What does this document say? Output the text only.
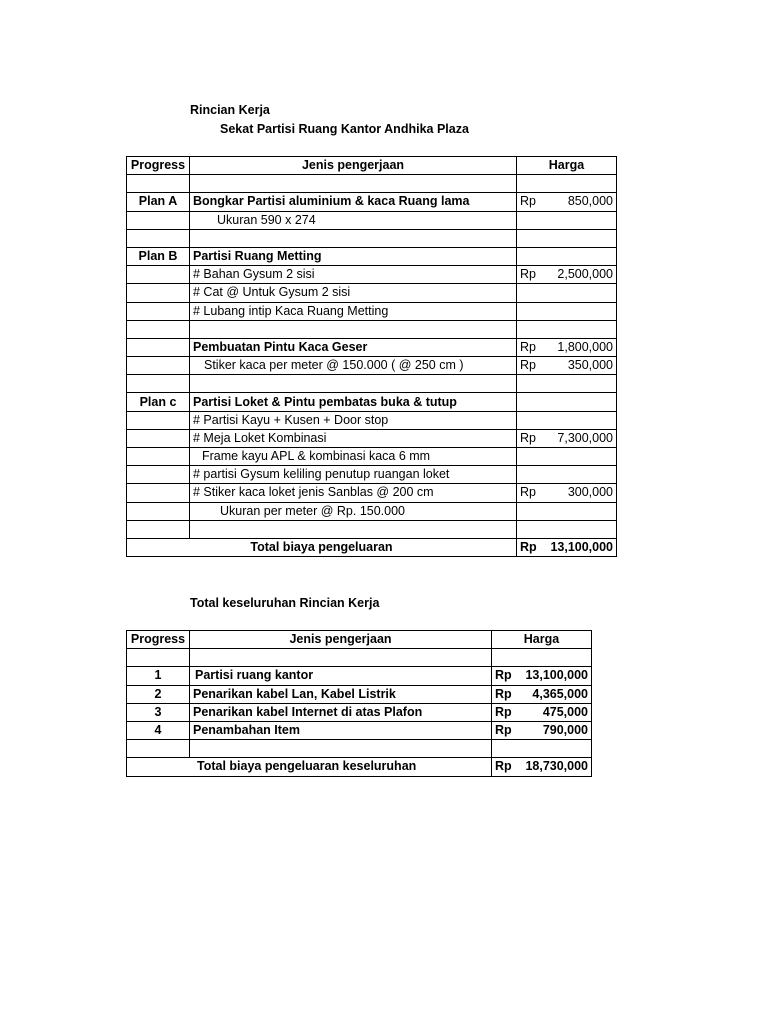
Rincian Kerja
Sekat Partisi Ruang Kantor Andhika Plaza
Progress	Jenis pengerjaan	Harga	

Plan A	Bongkar Partisi aluminium & kaca Ruang lama	Rp	850,000
	Ukuran 590 x 274		

Plan B	Partisi Ruang Metting		
	# Bahan Gysum 2 sisi	Rp	2,500,000
	# Cat @ Untuk Gysum 2 sisi		
	# Lubang intip Kaca Ruang Metting		

	Pembuatan Pintu Kaca Geser	Rp	1,800,000
	Stiker kaca per meter @ 150.000 ( @ 250 cm )	Rp	350,000

Plan c	Partisi Loket & Pintu pembatas buka & tutup		
	# Partisi Kayu + Kusen + Door stop		
	# Meja Loket Kombinasi	Rp	7,300,000
	Frame kayu APL & kombinasi kaca 6 mm		
	# partisi Gysum keliling penutup ruangan loket		
	# Stiker kaca loket jenis Sanblas @ 200 cm	Rp	300,000
	Ukuran per meter @ Rp. 150.000		

Total biaya pengeluaran		Rp	13,100,000
Total keseluruhan Rincian Kerja
Progress	Jenis pengerjaan	Harga	

1	Partisi ruang kantor	Rp	13,100,000
2	Penarikan kabel Lan, Kabel Listrik	Rp	4,365,000
3	Penarikan kabel Internet di atas Plafon	Rp	475,000
4	Penambahan Item	Rp	790,000

Total biaya pengeluaran keseluruhan		Rp	18,730,000
